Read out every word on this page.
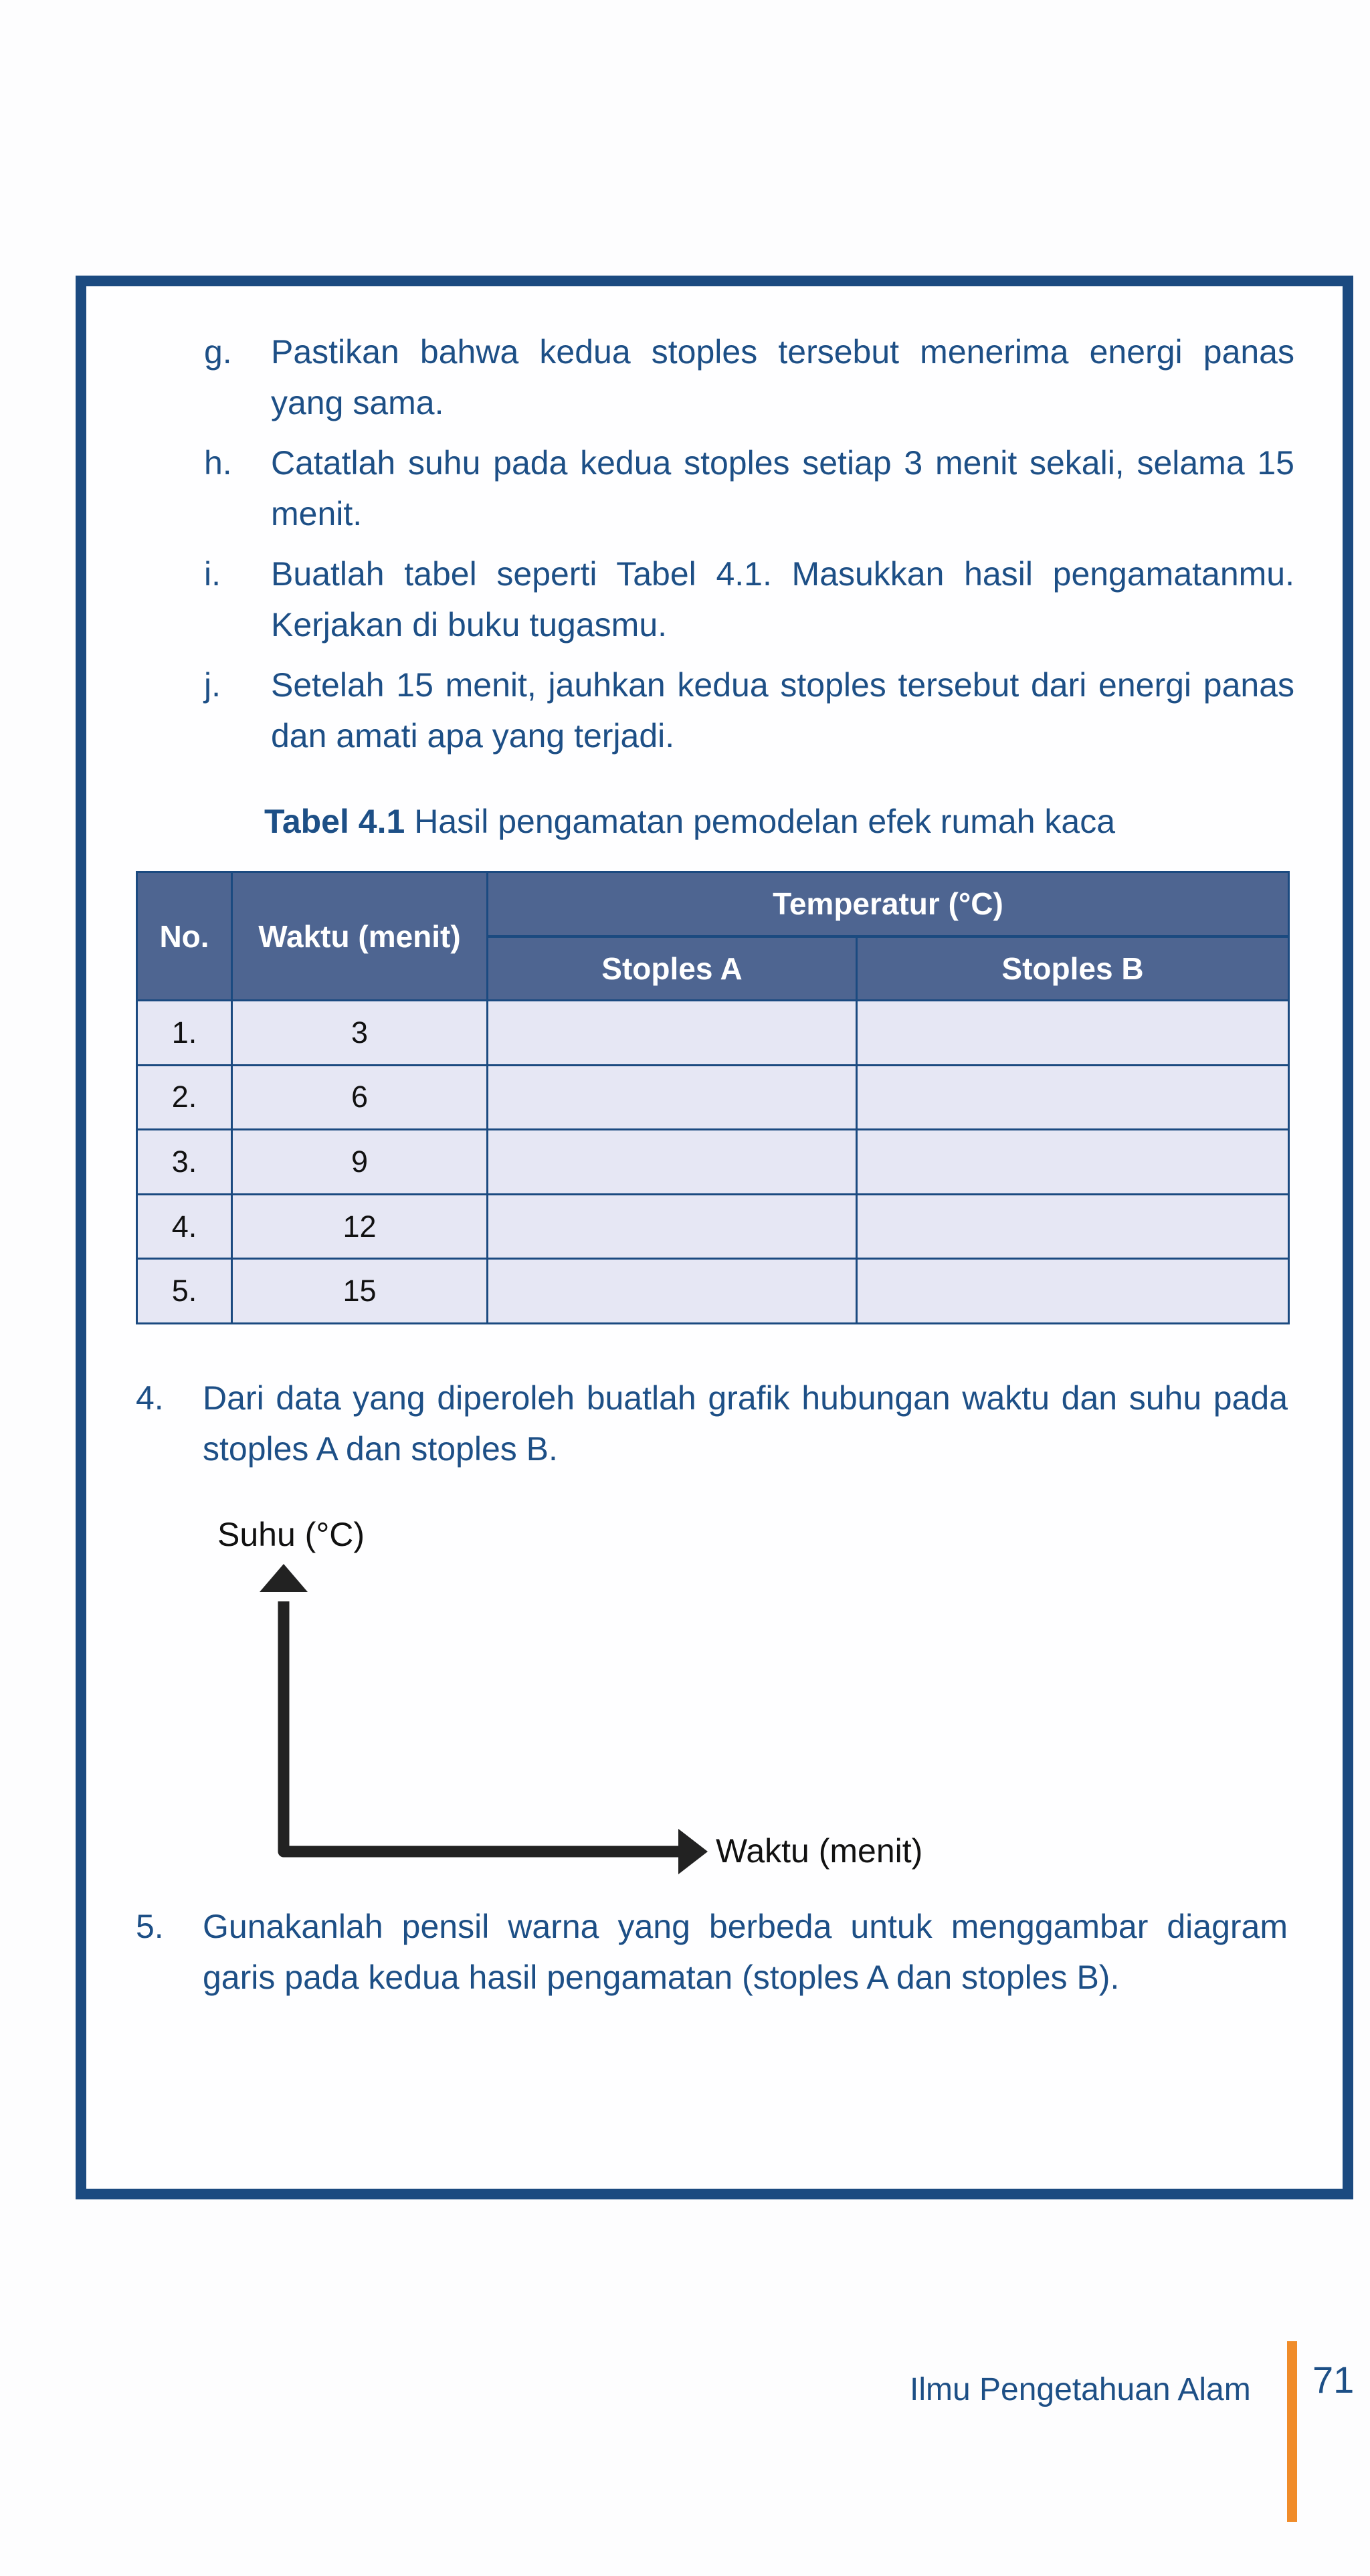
g.	Pastikan bahwa kedua stoples tersebut menerima energi panas yang sama.
h.	Catatlah suhu pada kedua stoples setiap 3 menit sekali, selama 15 menit.
i.	Buatlah tabel seperti Tabel 4.1. Masukkan hasil pengamatanmu. Kerjakan di buku tugasmu.
j.	Setelah 15 menit, jauhkan kedua stoples tersebut dari energi panas dan amati apa yang terjadi.
Tabel 4.1 Hasil pengamatan pemodelan efek rumah kaca
No.	Waktu (menit)	Temperatur (°C)	
		Stoples A	Stoples B
1.	3		
2.	6		
3.	9		
4.	12		
5.	15		
4. Dari data yang diperoleh buatlah grafik hubungan waktu dan suhu pada stoples A dan stoples B.
Suhu (°C)
Waktu (menit)
5. Gunakanlah pensil warna yang berbeda untuk menggambar diagram garis pada kedua hasil pengamatan (stoples A dan stoples B).
Ilmu Pengetahuan Alam 71
